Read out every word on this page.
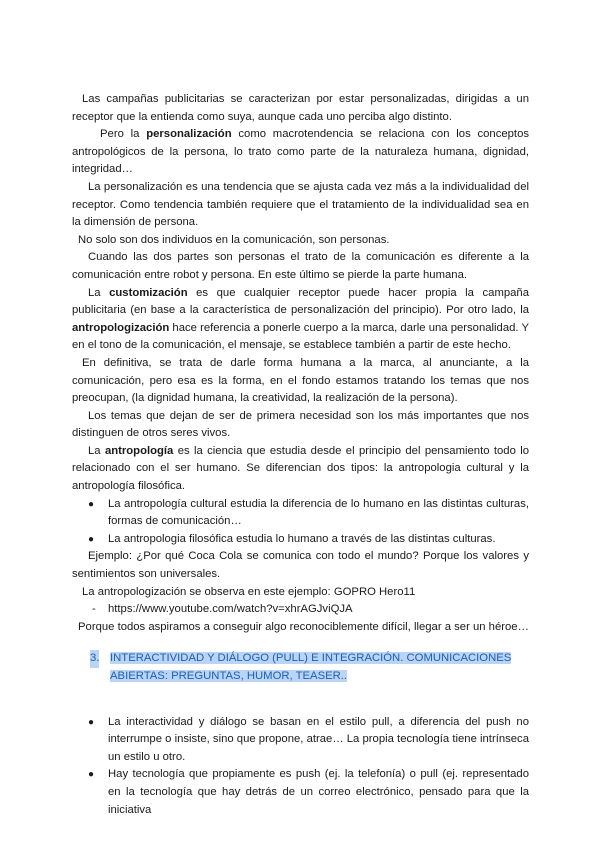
Las campañas publicitarias se caracterizan por estar personalizadas, dirigidas a un receptor que la entienda como suya, aunque cada uno perciba algo distinto.

Pero la personalización como macrotendencia se relaciona con los conceptos antropológicos de la persona, lo trato como parte de la naturaleza humana, dignidad, integridad…

La personalización es una tendencia que se ajusta cada vez más a la individualidad del receptor. Como tendencia también requiere que el tratamiento de la individualidad sea en la dimensión de persona.

No solo son dos individuos en la comunicación, son personas.

Cuando las dos partes son personas el trato de la comunicación es diferente a la comunicación entre robot y persona. En este último se pierde la parte humana.

La customización es que cualquier receptor puede hacer propia la campaña publicitaria (en base a la característica de personalización del principio). Por otro lado, la antropologización hace referencia a ponerle cuerpo a la marca, darle una personalidad. Y en el tono de la comunicación, el mensaje, se establece también a partir de este hecho.

En definitiva, se trata de darle forma humana a la marca, al anunciante, a la comunicación, pero esa es la forma, en el fondo estamos tratando los temas que nos preocupan, (la dignidad humana, la creatividad, la realización de la persona).

Los temas que dejan de ser de primera necesidad son los más importantes que nos distinguen de otros seres vivos.

La antropología es la ciencia que estudia desde el principio del pensamiento todo lo relacionado con el ser humano. Se diferencian dos tipos: la antropologia cultural y la antropología filosófica.

● La antropología cultural estudia la diferencia de lo humano en las distintas culturas, formas de comunicación…
● La antropologia filosófica estudia lo humano a través de las distintas culturas.

Ejemplo: ¿Por qué Coca Cola se comunica con todo el mundo? Porque los valores y sentimientos son universales.

La antropologización se observa en este ejemplo: GOPRO Hero11

- https://www.youtube.com/watch?v=xhrAGJviQJA

Porque todos aspiramos a conseguir algo reconociblemente difícil, llegar a ser un héroe…

3. INTERACTIVIDAD Y DIÁLOGO (PULL) E INTEGRACIÓN. COMUNICACIONES ABIERTAS: PREGUNTAS, HUMOR, TEASER..
● La interactividad y diálogo se basan en el estilo pull, a diferencia del push no interrumpe o insiste, sino que propone, atrae… La propia tecnología tiene intrínseca un estilo u otro.
● Hay tecnología que propiamente es push (ej. la telefonía) o pull (ej. representado en la tecnología que hay detrás de un correo electrónico, pensado para que la iniciativa
